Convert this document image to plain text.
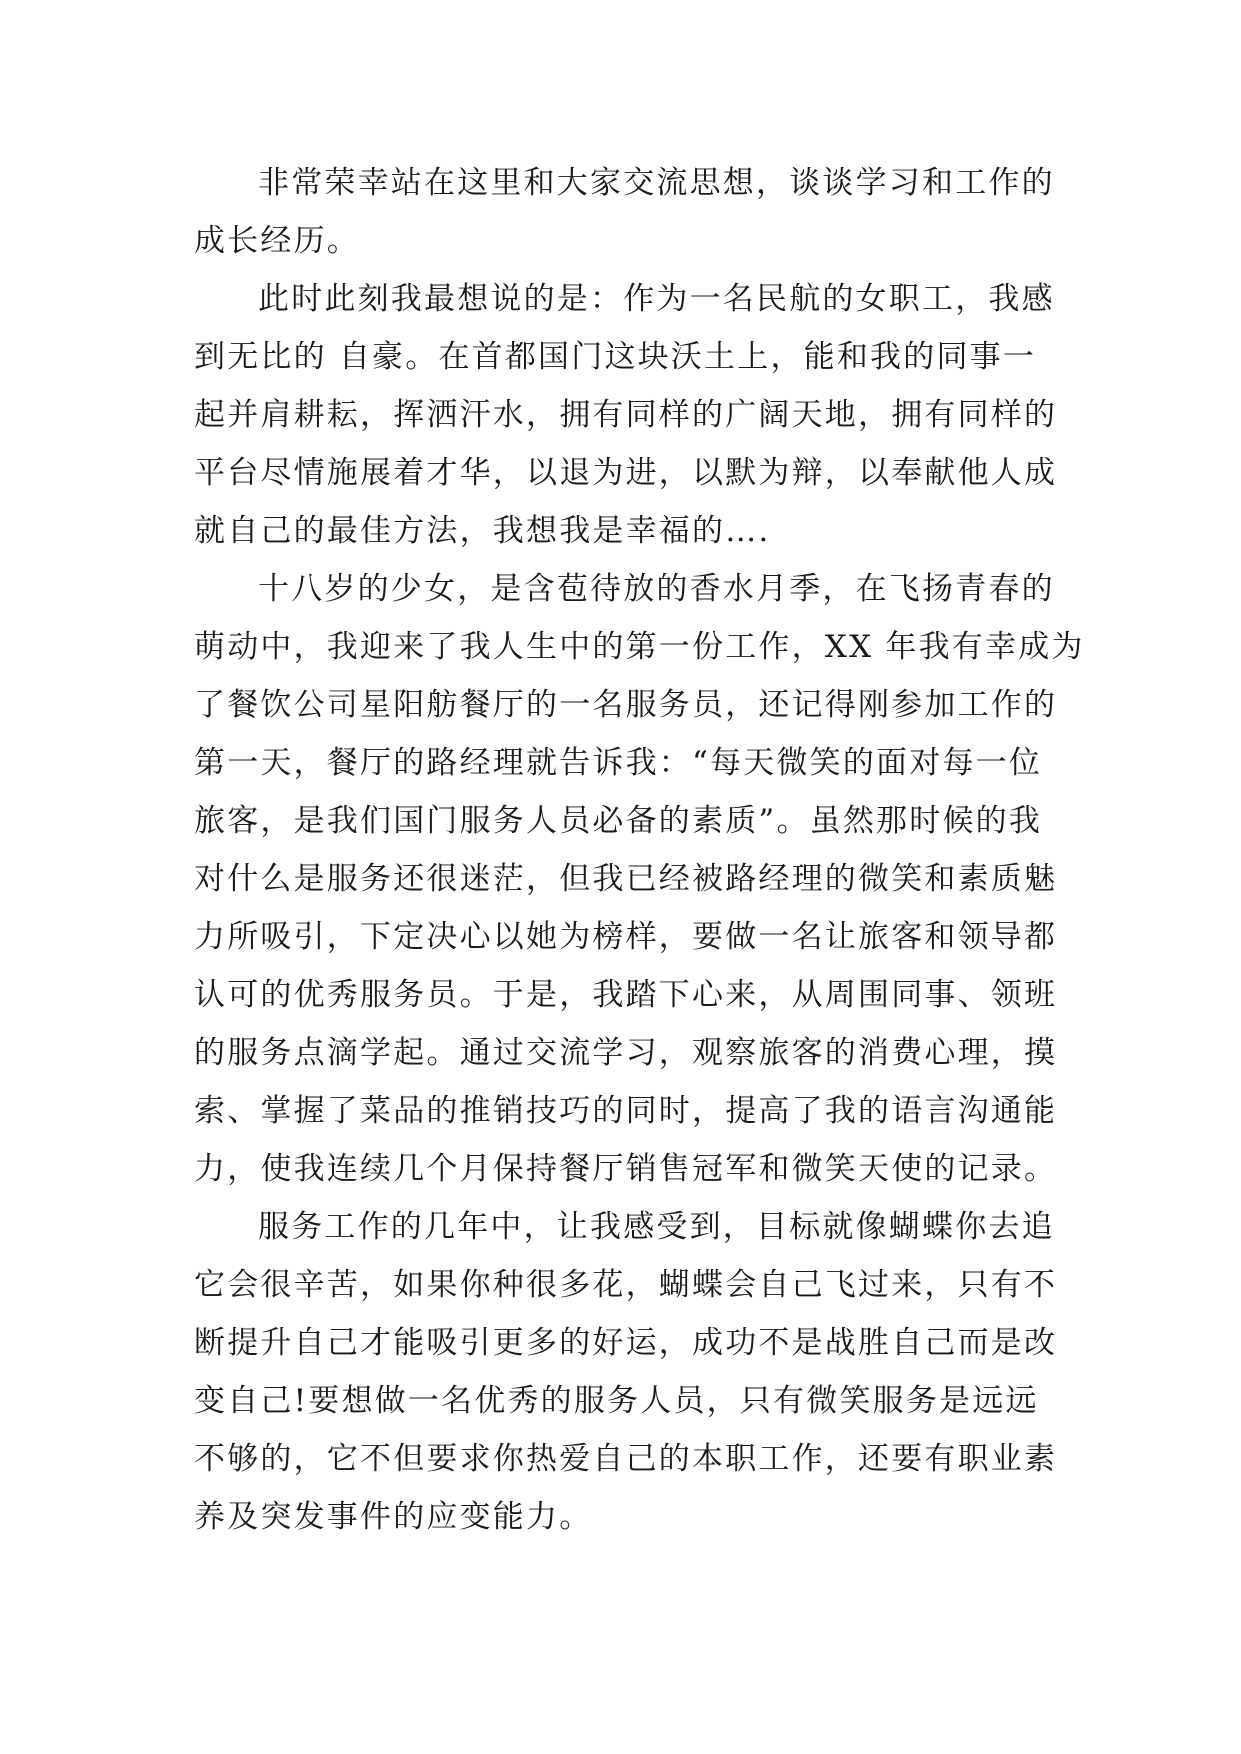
非常荣幸站在这里和大家交流思想，谈谈学习和工作的
成长经历。
此时此刻我最想说的是：作为一名民航的女职工，我感
到无比的 自豪。在首都国门这块沃土上，能和我的同事一
起并肩耕耘，挥洒汗水，拥有同样的广阔天地，拥有同样的
平台尽情施展着才华，以退为进，以默为辩，以奉献他人成
就自己的最佳方法，我想我是幸福的….
十八岁的少女，是含苞待放的香水月季，在飞扬青春的
萌动中，我迎来了我人生中的第一份工作，XX 年我有幸成为
了餐饮公司星阳舫餐厅的一名服务员，还记得刚参加工作的
第一天，餐厅的路经理就告诉我：“每天微笑的面对每一位
旅客，是我们国门服务人员必备的素质”。虽然那时候的我
对什么是服务还很迷茫，但我已经被路经理的微笑和素质魅
力所吸引，下定决心以她为榜样，要做一名让旅客和领导都
认可的优秀服务员。于是，我踏下心来，从周围同事、领班
的服务点滴学起。通过交流学习，观察旅客的消费心理，摸
索、掌握了菜品的推销技巧的同时，提高了我的语言沟通能
力，使我连续几个月保持餐厅销售冠军和微笑天使的记录。
服务工作的几年中，让我感受到，目标就像蝴蝶你去追
它会很辛苦，如果你种很多花，蝴蝶会自己飞过来，只有不
断提升自己才能吸引更多的好运，成功不是战胜自己而是改
变自己!要想做一名优秀的服务人员，只有微笑服务是远远
不够的，它不但要求你热爱自己的本职工作，还要有职业素
养及突发事件的应变能力。
